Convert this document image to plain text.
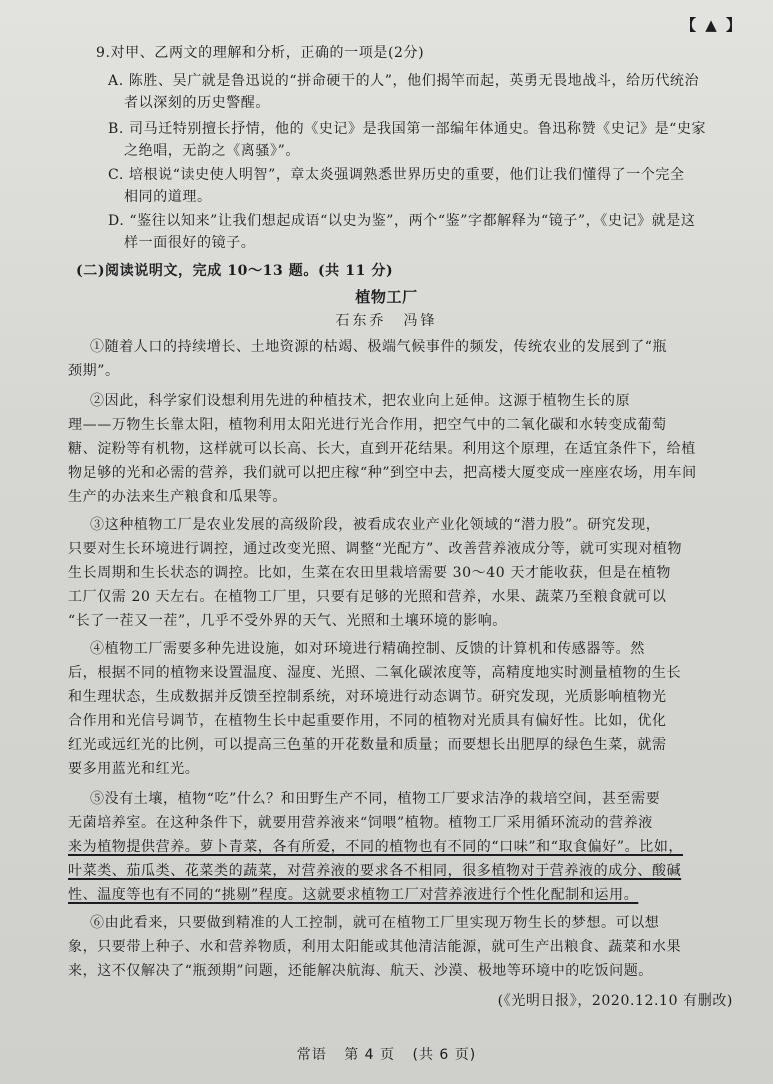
【 ▲ 】
9.对甲、乙两文的理解和分析，正确的一项是(2分)
A. 陈胜、吴广就是鲁迅说的“拼命硬干的人”，他们揭竿而起，英勇无畏地战斗，给历代统治
者以深刻的历史警醒。
B. 司马迁特别擅长抒情，他的《史记》是我国第一部编年体通史。鲁迅称赞《史记》是“史家
之绝唱，无韵之《离骚》”。
C. 培根说“读史使人明智”，章太炎强调熟悉世界历史的重要，他们让我们懂得了一个完全
相同的道理。
D. “鉴往以知来”让我们想起成语“以史为鉴”，两个“鉴”字都解释为“镜子”，《史记》就是这
样一面很好的镜子。
(二)阅读说明文，完成 10～13 题。(共 11 分)
植物工厂
石东乔　冯锋
①随着人口的持续增长、土地资源的枯竭、极端气候事件的频发，传统农业的发展到了“瓶
颈期”。
②因此，科学家们设想利用先进的种植技术，把农业向上延伸。这源于植物生长的原
理——万物生长靠太阳，植物利用太阳光进行光合作用，把空气中的二氧化碳和水转变成葡萄
糖、淀粉等有机物，这样就可以长高、长大，直到开花结果。利用这个原理，在适宜条件下，给植
物足够的光和必需的营养，我们就可以把庄稼“种”到空中去，把高楼大厦变成一座座农场，用车间
生产的办法来生产粮食和瓜果等。
③这种植物工厂是农业发展的高级阶段，被看成农业产业化领域的“潜力股”。研究发现，
只要对生长环境进行调控，通过改变光照、调整“光配方”、改善营养液成分等，就可实现对植物
生长周期和生长状态的调控。比如，生菜在农田里栽培需要 30～40 天才能收获，但是在植物
工厂仅需 20 天左右。在植物工厂里，只要有足够的光照和营养，水果、蔬菜乃至粮食就可以
“长了一茬又一茬”，几乎不受外界的天气、光照和土壤环境的影响。
④植物工厂需要多种先进设施，如对环境进行精确控制、反馈的计算机和传感器等。然
后，根据不同的植物来设置温度、湿度、光照、二氧化碳浓度等，高精度地实时测量植物的生长
和生理状态，生成数据并反馈至控制系统，对环境进行动态调节。研究发现，光质影响植物光
合作用和光信号调节，在植物生长中起重要作用，不同的植物对光质具有偏好性。比如，优化
红光或远红光的比例，可以提高三色堇的开花数量和质量；而要想长出肥厚的绿色生菜，就需
要多用蓝光和红光。
⑤没有土壤，植物“吃”什么？和田野生产不同，植物工厂要求洁净的栽培空间，甚至需要
无菌培养室。在这种条件下，就要用营养液来“饲喂”植物。植物工厂采用循环流动的营养液
来为植物提供营养。萝卜青菜，各有所爱，不同的植物也有不同的“口味”和“取食偏好”。比如，
叶菜类、茄瓜类、花菜类的蔬菜，对营养液的要求各不相同，很多植物对于营养液的成分、酸碱
性、温度等也有不同的“挑剔”程度。这就要求植物工厂对营养液进行个性化配制和运用。
⑥由此看来，只要做到精准的人工控制，就可在植物工厂里实现万物生长的梦想。可以想
象，只要带上种子、水和营养物质，利用太阳能或其他清洁能源，就可生产出粮食、蔬菜和水果
来，这不仅解决了“瓶颈期”问题，还能解决航海、航天、沙漠、极地等环境中的吃饭问题。
(《光明日报》，2020.12.10 有删改)
常语 第 4 页 (共 6 页)
